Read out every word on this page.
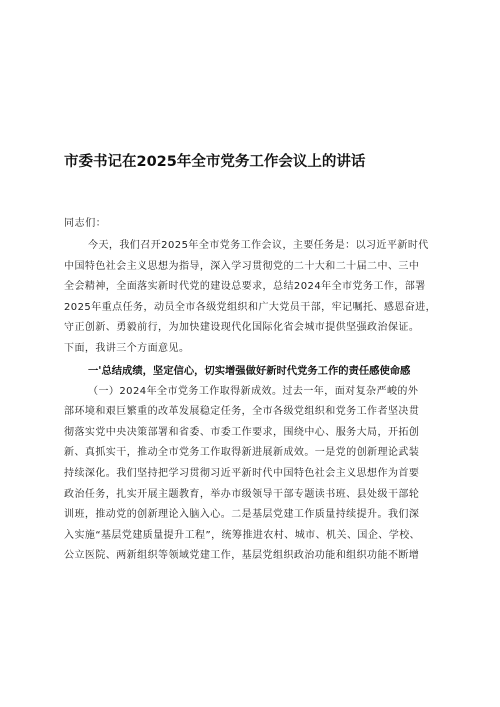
市委书记在2025年全市党务工作会议上的讲话
同志们：
今天，我们召开2025年全市党务工作会议，主要任务是：以习近平新时代
中国特色社会主义思想为指导，深入学习贯彻党的二十大和二十届二中、三中
全会精神，全面落实新时代党的建设总要求，总结2024年全市党务工作，部署
2025年重点任务，动员全市各级党组织和广大党员干部，牢记嘱托、感恩奋进，
守正创新、勇毅前行，为加快建设现代化国际化省会城市提供坚强政治保证。
下面，我讲三个方面意见。
一'总结成绩，坚定信心，切实增强做好新时代党务工作的责任感使命感
（一）2024年全市党务工作取得新成效。过去一年，面对复杂严峻的外
部环境和艰巨繁重的改革发展稳定任务，全市各级党组织和党务工作者坚决贯
彻落实党中央决策部署和省委、市委工作要求，围绕中心、服务大局，开拓创
新、真抓实干，推动全市党务工作取得新进展新成效。一是党的创新理论武装
持续深化。我们坚持把学习贯彻习近平新时代中国特色社会主义思想作为首要
政治任务，扎实开展主题教育，举办市级领导干部专题读书班、县处级干部轮
训班，推动党的创新理论入脑入心。二是基层党建工作质量持续提升。我们深
入实施“基层党建质量提升工程”，统筹推进农村、城市、机关、国企、学校、
公立医院、两新组织等领域党建工作，基层党组织政治功能和组织功能不断增
